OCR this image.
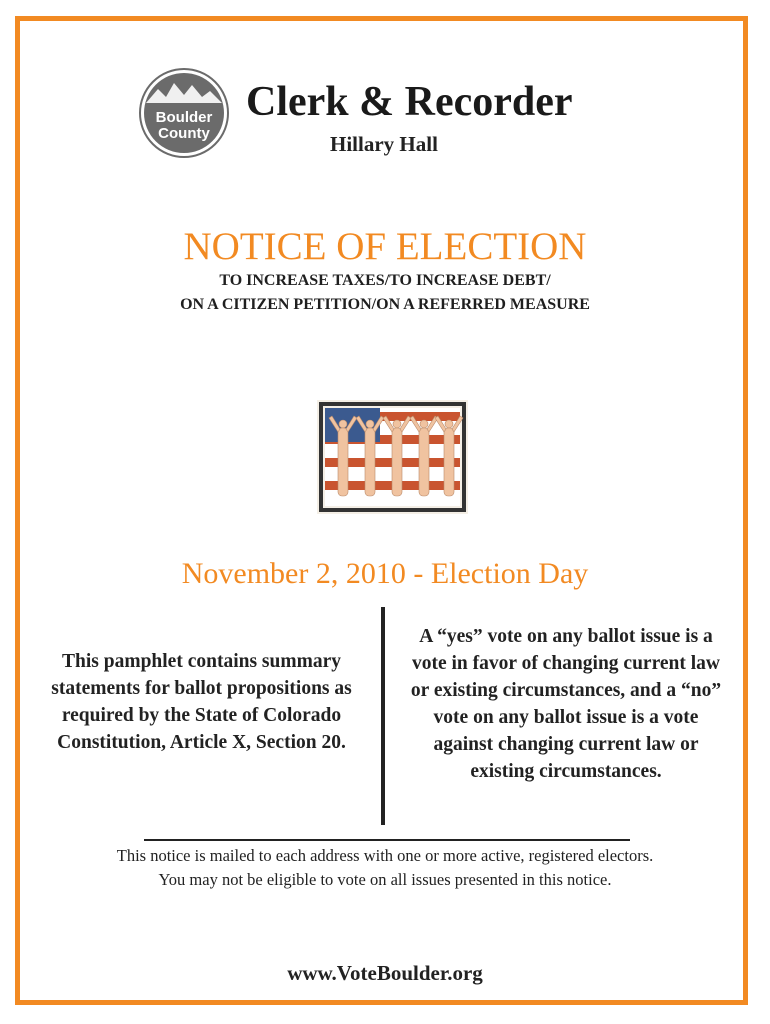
Boulder
County
Clerk & Recorder
Hillary Hall
NOTICE OF ELECTION
TO INCREASE TAXES/TO INCREASE DEBT/
ON A CITIZEN PETITION/ON A REFERRED MEASURE
November 2, 2010 - Election Day
This pamphlet contains summary statements for ballot propositions as required by the State of Colorado Constitution, Article X, Section 20.
A “yes” vote on any ballot issue is a vote in favor of changing current law or existing circumstances, and a “no” vote on any ballot issue is a vote against changing current law or existing circumstances.
This notice is mailed to each address with one or more active, registered electors.
You may not be eligible to vote on all issues presented in this notice.
www.VoteBoulder.org
